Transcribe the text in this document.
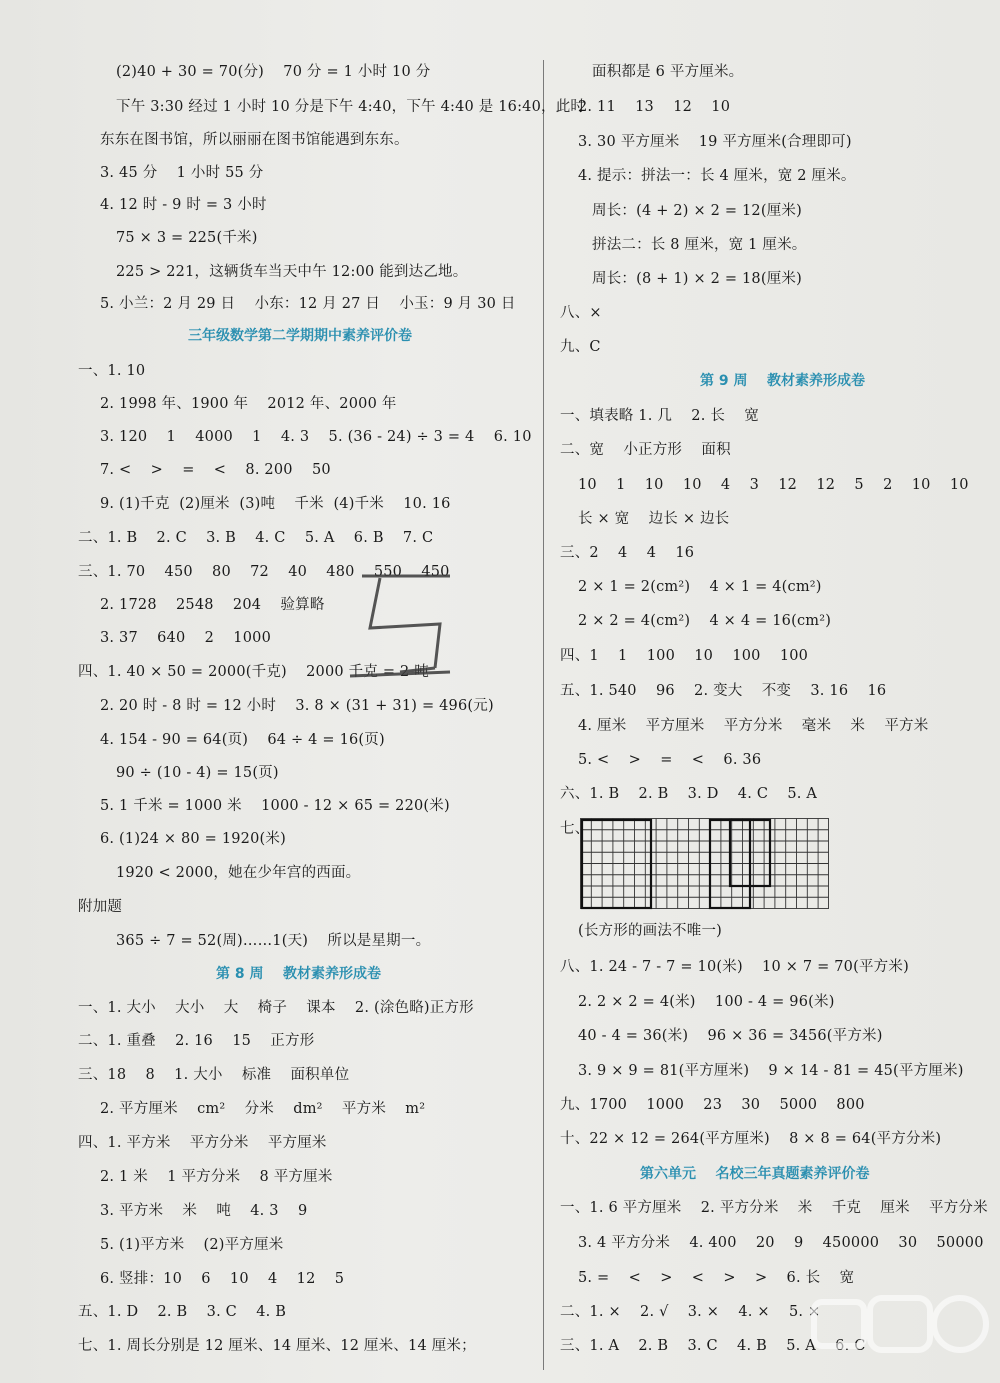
(2)40 + 30 = 70(分)    70 分 = 1 小时 10 分
下午 3:30 经过 1 小时 10 分是下午 4:40，下午 4:40 是 16:40，此时
东东在图书馆，所以丽丽在图书馆能遇到东东。
3. 45 分    1 小时 55 分
4. 12 时 - 9 时 = 3 小时
75 × 3 = 225(千米)
225 > 221，这辆货车当天中午 12:00 能到达乙地。
5. 小兰：2 月 29 日    小东：12 月 27 日    小玉：9 月 30 日
三年级数学第二学期期中素养评价卷
一、1. 10
2. 1998 年、1900 年    2012 年、2000 年
3. 120    1    4000    1    4. 3    5. (36 - 24) ÷ 3 = 4    6. 10
7. <    >    =    <    8. 200    50
9. (1)千克  (2)厘米  (3)吨    千米  (4)千米    10. 16
二、1. B    2. C    3. B    4. C    5. A    6. B    7. C
三、1. 70    450    80    72    40    480    550    450
2. 1728    2548    204    验算略
3. 37    640    2    1000
四、1. 40 × 50 = 2000(千克)    2000 千克 = 2 吨
2. 20 时 - 8 时 = 12 小时    3. 8 × (31 + 31) = 496(元)
4. 154 - 90 = 64(页)    64 ÷ 4 = 16(页)
90 ÷ (10 - 4) = 15(页)
5. 1 千米 = 1000 米    1000 - 12 × 65 = 220(米)
6. (1)24 × 80 = 1920(米)
1920 < 2000，她在少年宫的西面。
附加题
365 ÷ 7 = 52(周)……1(天)    所以是星期一。
第 8 周    教材素养形成卷
一、1. 大小    大小    大    椅子    课本    2. (涂色略)正方形
二、1. 重叠    2. 16    15    正方形
三、18    8    1. 大小    标准    面积单位
2. 平方厘米    cm²    分米    dm²    平方米    m²
四、1. 平方米    平方分米    平方厘米
2. 1 米    1 平方分米    8 平方厘米
3. 平方米    米    吨    4. 3    9
5. (1)平方米    (2)平方厘米
6. 竖排：10    6    10    4    12    5
五、1. D    2. B    3. C    4. B
七、1. 周长分别是 12 厘米、14 厘米、12 厘米、14 厘米；
面积都是 6 平方厘米。
2. 11    13    12    10
3. 30 平方厘米    19 平方厘米(合理即可)
4. 提示：拼法一：长 4 厘米，宽 2 厘米。
周长：(4 + 2) × 2 = 12(厘米)
拼法二：长 8 厘米，宽 1 厘米。
周长：(8 + 1) × 2 = 18(厘米)
八、×
九、C
第 9 周    教材素养形成卷
一、填表略 1. 几    2. 长    宽
二、宽    小正方形    面积
10    1    10    10    4    3    12    12    5    2    10    10
长 × 宽    边长 × 边长
三、2    4    4    16
2 × 1 = 2(cm²)    4 × 1 = 4(cm²)
2 × 2 = 4(cm²)    4 × 4 = 16(cm²)
四、1    1    100    10    100    100
五、1. 540    96    2. 变大    不变    3. 16    16
4. 厘米    平方厘米    平方分米    毫米    米    平方米
5. <    >    =    <    6. 36
六、1. B    2. B    3. D    4. C    5. A
七、
(长方形的画法不唯一)
八、1. 24 - 7 - 7 = 10(米)    10 × 7 = 70(平方米)
2. 2 × 2 = 4(米)    100 - 4 = 96(米)
40 - 4 = 36(米)    96 × 36 = 3456(平方米)
3. 9 × 9 = 81(平方厘米)    9 × 14 - 81 = 45(平方厘米)
九、1700    1000    23    30    5000    800
十、22 × 12 = 264(平方厘米)    8 × 8 = 64(平方分米)
第六单元    名校三年真题素养评价卷
一、1. 6 平方厘米    2. 平方分米    米    千克    厘米    平方分米
3. 4 平方分米    4. 400    20    9    450000    30    50000
5. =    <    >    <    >    >    6. 长    宽
二、1. ×    2. √    3. ×    4. ×    5. ×
三、1. A    2. B    3. C    4. B    5. A    6. C
